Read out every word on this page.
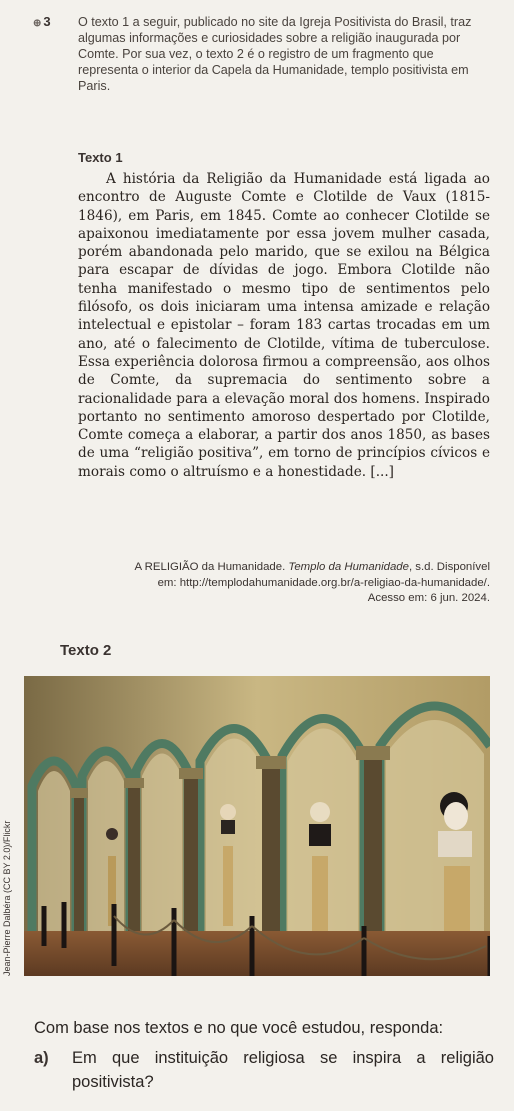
⊕ 3 O texto 1 a seguir, publicado no site da Igreja Positivista do Brasil, traz algumas informações e curiosidades sobre a religião inaugurada por Comte. Por sua vez, o texto 2 é o registro de um fragmento que representa o interior da Capela da Humanidade, templo positivista em Paris.
Texto 1

A história da Religião da Humanidade está ligada ao encontro de Auguste Comte e Clotilde de Vaux (1815-1846), em Paris, em 1845. Comte ao conhecer Clotilde se apaixonou imediatamente por essa jovem mulher casada, porém abandonada pelo marido, que se exilou na Bélgica para escapar de dívidas de jogo. Embora Clotilde não tenha manifestado o mesmo tipo de sentimentos pelo filósofo, os dois iniciaram uma intensa amizade e relação intelectual e epistolar – foram 183 cartas trocadas em um ano, até o falecimento de Clotilde, vítima de tuberculose. Essa experiência dolorosa firmou a compreensão, aos olhos de Comte, da supremacia do sentimento sobre a racionalidade para a elevação moral dos homens. Inspirado portanto no sentimento amoroso despertado por Clotilde, Comte começa a elaborar, a partir dos anos 1850, as bases de uma “religião positiva”, em torno de princípios cívicos e morais como o altruísmo e a honestidade. [...]

A RELIGIÃO da Humanidade. Templo da Humanidade, s.d. Disponível
em: http://templodahumanidade.org.br/a-religiao-da-humanidade/.
Acesso em: 6 jun. 2024.
Texto 2
Jean-Pierre Dalbéra (CC BY 2.0)/Flickr
Com base nos textos e no que você estudou, responda:
a)	Em que instituição religiosa se inspira a religião positivista?
